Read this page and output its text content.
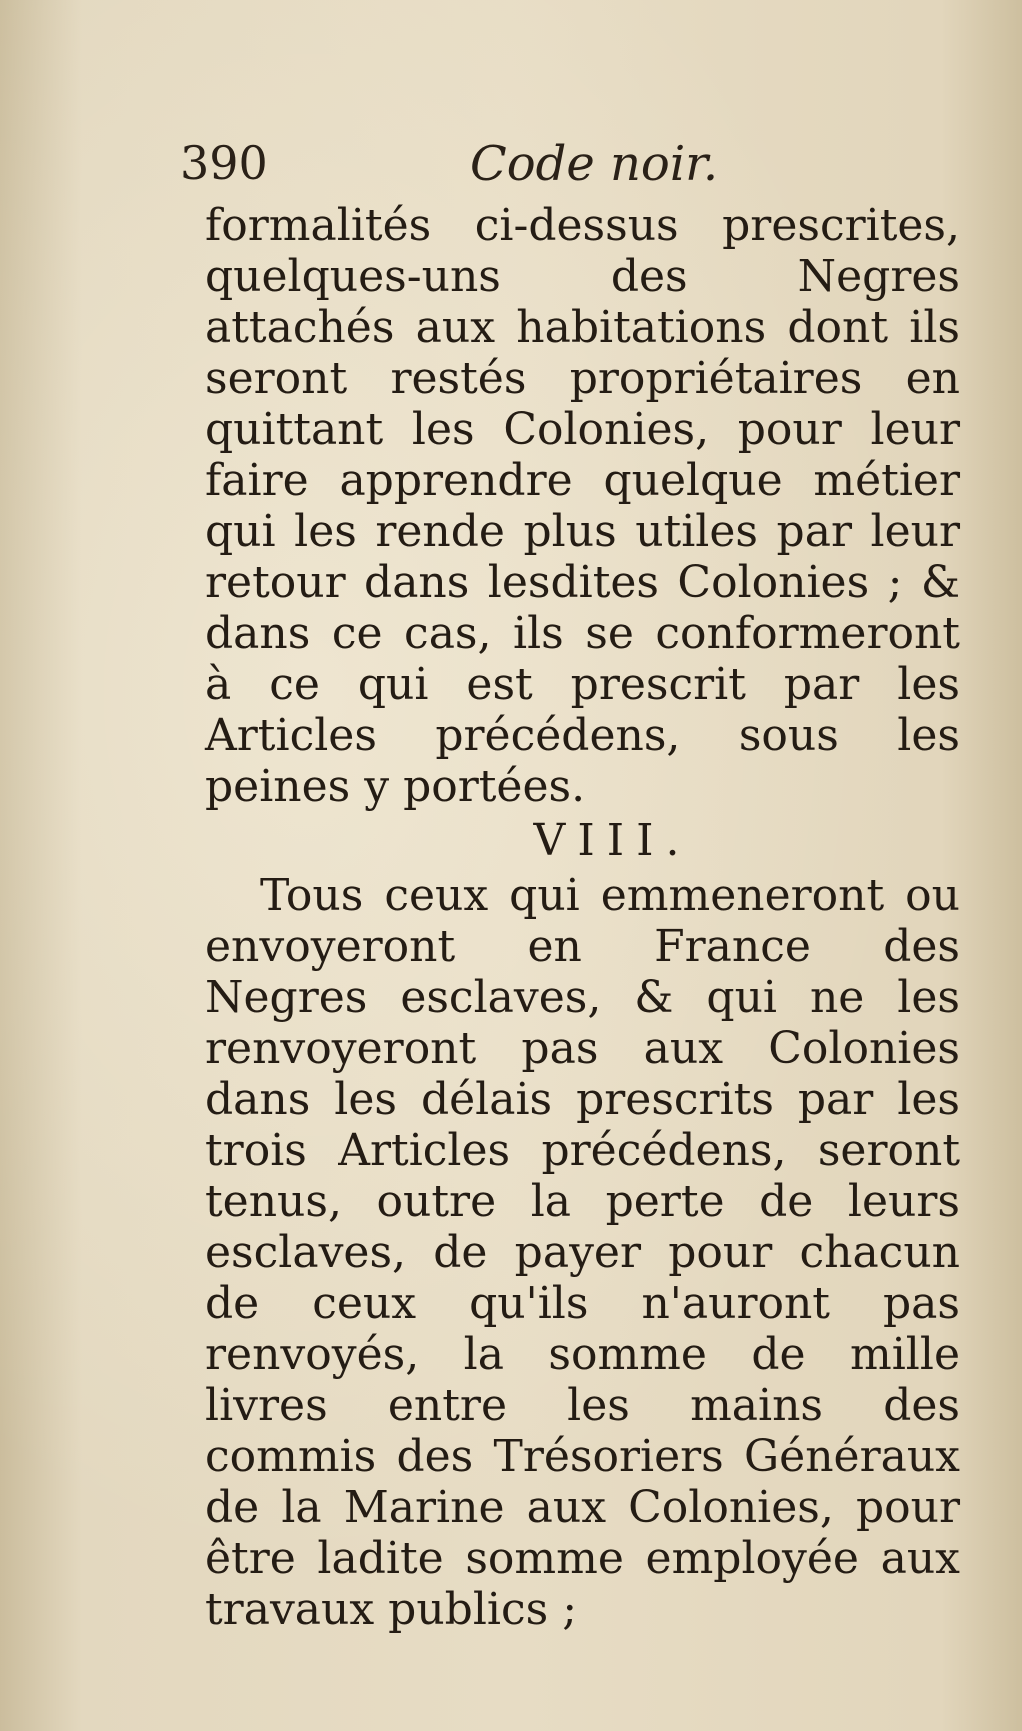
390	Code noir.

formalités ci-dessus prescrites, quelques-uns des Negres attachés aux habitations dont ils seront restés propriétaires en quittant les Colonies, pour leur faire apprendre quelque métier qui les rende plus utiles par leur retour dans lesdites Colonies ; & dans ce cas, ils se conformeront à ce qui est prescrit par les Articles précédens, sous les peines y portées.

VIII.

Tous ceux qui emmeneront ou envoyeront en France des Negres esclaves, & qui ne les renvoyeront pas aux Colonies dans les délais prescrits par les trois Articles précédens, seront tenus, outre la perte de leurs esclaves, de payer pour chacun de ceux qu'ils n'auront pas renvoyés, la somme de mille livres entre les mains des commis des Trésoriers Généraux de la Marine aux Colonies, pour être ladite somme employée aux travaux publics ;
